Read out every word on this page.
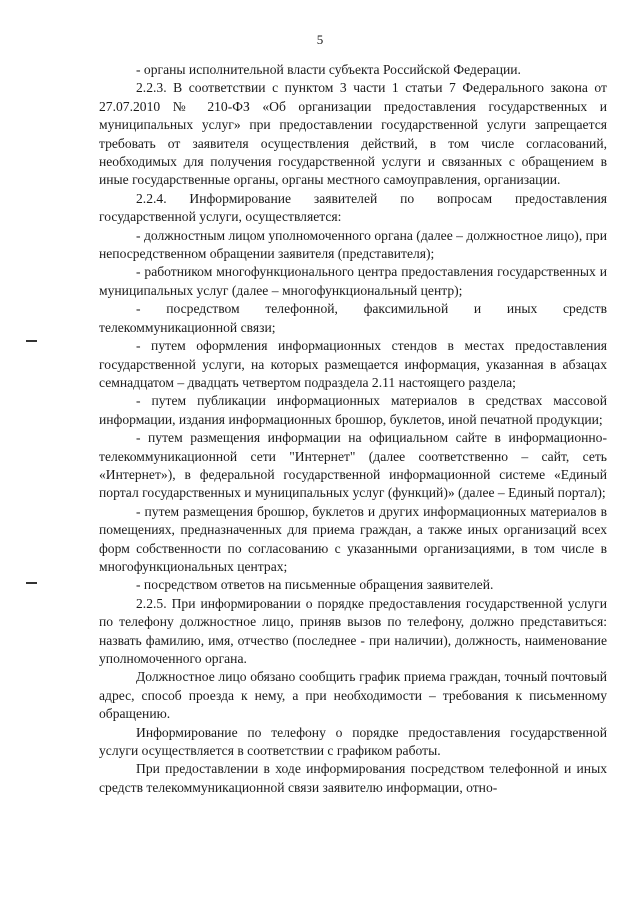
5

- органы исполнительной власти субъекта Российской Федерации.

2.2.3. В соответствии с пунктом 3 части 1 статьи 7 Федерального закона от 27.07.2010 № 210-ФЗ «Об организации предоставления государственных и муниципальных услуг» при предоставлении государственной услуги запрещается требовать от заявителя осуществления действий, в том числе согласований, необходимых для получения государственной услуги и связанных с обращением в иные государственные органы, органы местного самоуправления, организации.

2.2.4. Информирование заявителей по вопросам предоставления государственной услуги, осуществляется:

- должностным лицом уполномоченного органа (далее – должностное лицо), при непосредственном обращении заявителя (представителя);

- работником многофункционального центра предоставления государственных и муниципальных услуг (далее – многофункциональный центр);

- посредством телефонной, факсимильной и иных средств телекоммуникационной связи;

- путем оформления информационных стендов в местах предоставления государственной услуги, на которых размещается информация, указанная в абзацах семнадцатом – двадцать четвертом подраздела 2.11 настоящего раздела;

- путем публикации информационных материалов в средствах массовой информации, издания информационных брошюр, буклетов, иной печатной продукции;

- путем размещения информации на официальном сайте в информационно-телекоммуникационной сети "Интернет" (далее соответственно – сайт, сеть «Интернет»), в федеральной государственной информационной системе «Единый портал государственных и муниципальных услуг (функций)» (далее – Единый портал);

- путем размещения брошюр, буклетов и других информационных материалов в помещениях, предназначенных для приема граждан, а также иных организаций всех форм собственности по согласованию с указанными организациями, в том числе в многофункциональных центрах;

- посредством ответов на письменные обращения заявителей.

2.2.5. При информировании о порядке предоставления государственной услуги по телефону должностное лицо, приняв вызов по телефону, должно представиться: назвать фамилию, имя, отчество (последнее - при наличии), должность, наименование уполномоченного органа.

Должностное лицо обязано сообщить график приема граждан, точный почтовый адрес, способ проезда к нему, а при необходимости – требования к письменному обращению.

Информирование по телефону о порядке предоставления государственной услуги осуществляется в соответствии с графиком работы.

При предоставлении в ходе информирования посредством телефонной и иных средств телекоммуникационной связи заявителю информации, отно-
